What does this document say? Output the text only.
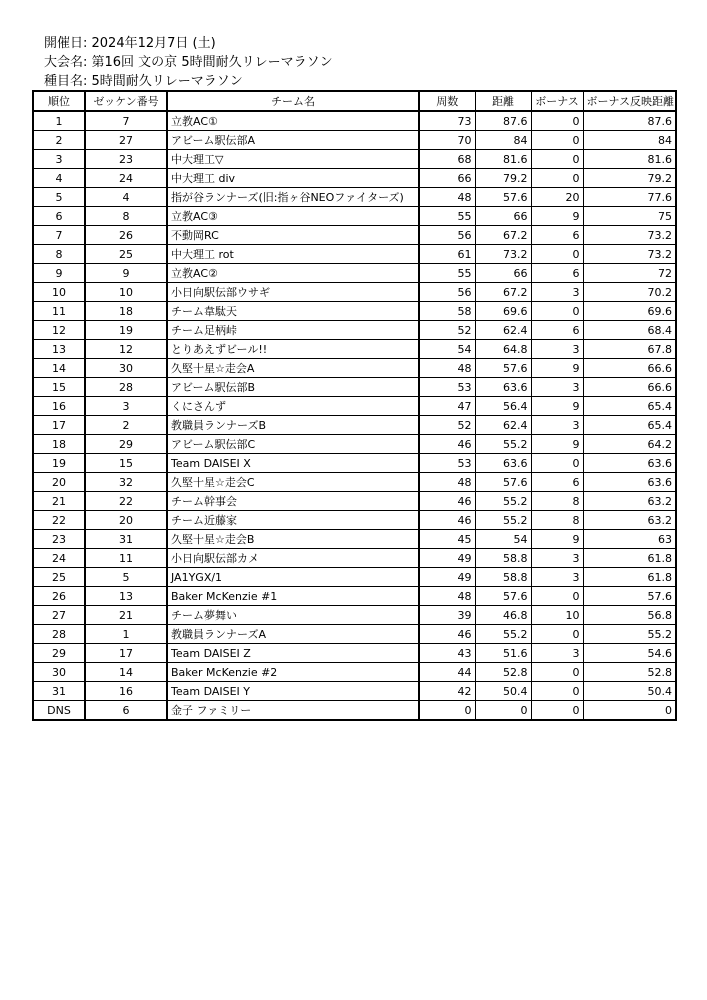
開催日: 2024年12月7日 (土)
大会名: 第16回 文の京 5時間耐久リレーマラソン
種目名: 5時間耐久リレーマラソン
順位	ゼッケン番号	チーム名	周数	距離	ボーナス	ボーナス反映距離
1	7	立教AC①	73	87.6	0	87.6
2	27	アビーム駅伝部A	70	84	0	84
3	23	中大理工▽	68	81.6	0	81.6
4	24	中大理工 div	66	79.2	0	79.2
5	4	指が谷ランナーズ(旧:指ヶ谷NEOファイターズ)	48	57.6	20	77.6
6	8	立教AC③	55	66	9	75
7	26	不動岡RC	56	67.2	6	73.2
8	25	中大理工 rot	61	73.2	0	73.2
9	9	立教AC②	55	66	6	72
10	10	小日向駅伝部ウサギ	56	67.2	3	70.2
11	18	チーム韋駄天	58	69.6	0	69.6
12	19	チーム足柄峠	52	62.4	6	68.4
13	12	とりあえずビール!!	54	64.8	3	67.8
14	30	久堅十星☆走会A	48	57.6	9	66.6
15	28	アビーム駅伝部B	53	63.6	3	66.6
16	3	くにさんず	47	56.4	9	65.4
17	2	教職員ランナーズB	52	62.4	3	65.4
18	29	アビーム駅伝部C	46	55.2	9	64.2
19	15	Team DAISEI X	53	63.6	0	63.6
20	32	久堅十星☆走会C	48	57.6	6	63.6
21	22	チーム幹事会	46	55.2	8	63.2
22	20	チーム近藤家	46	55.2	8	63.2
23	31	久堅十星☆走会B	45	54	9	63
24	11	小日向駅伝部カメ	49	58.8	3	61.8
25	5	JA1YGX/1	49	58.8	3	61.8
26	13	Baker McKenzie #1	48	57.6	0	57.6
27	21	チーム夢舞い	39	46.8	10	56.8
28	1	教職員ランナーズA	46	55.2	0	55.2
29	17	Team DAISEI Z	43	51.6	3	54.6
30	14	Baker McKenzie #2	44	52.8	0	52.8
31	16	Team DAISEI Y	42	50.4	0	50.4
DNS	6	金子 ファミリー	0	0	0	0
